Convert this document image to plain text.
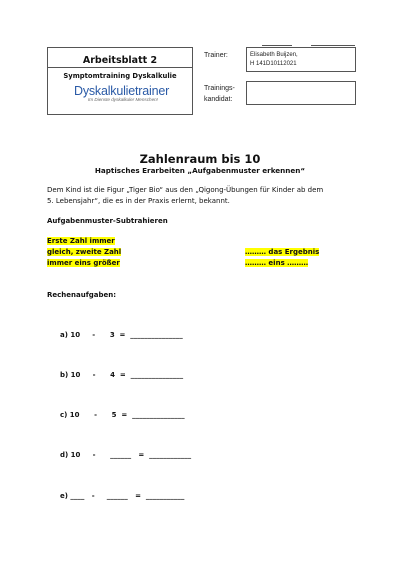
Arbeitsblatt 2
Symptomtraining Dyskalkulie
Dyskalkulietrainer
Im Dienste dyskalkuler Menschen!
Trainer:	Elisabeth Buijzen,
H 141D10112021
Trainings-
kandidat:
Zahlenraum bis 10
Haptisches Erarbeiten „Aufgabenmuster erkennen“
Dem Kind ist die Figur „Tiger Bio“ aus den „Qigong-Übungen für Kinder ab dem
5. Lebensjahr“, die es in der Praxis erlernt, bekannt.
Aufgabenmuster-Subtrahieren
Erste Zahl immer
gleich, zweite Zahl
immer eins größer
……… das Ergebnis
……… eins ………
Rechenaufgaben:
a) 10     -      3  =  _______________
b) 10     -      4  =  _______________
c) 10      -      5  =  _______________
d) 10     -      ______   =  ____________
e) ____   -     ______   =  ___________
